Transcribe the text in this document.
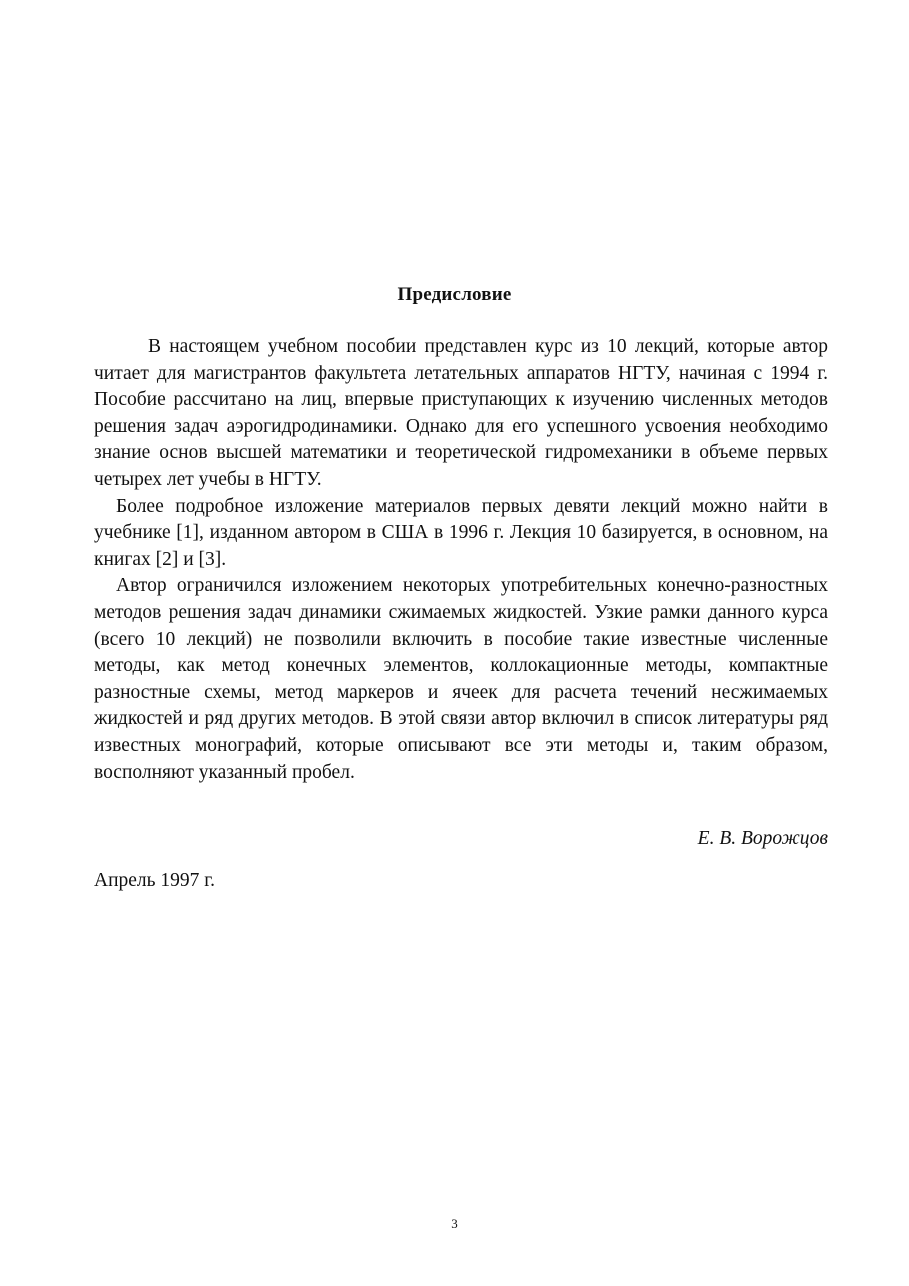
Предисловие

В настоящем учебном пособии представлен курс из 10 лекций, которые автор читает для магистрантов факультета летательных аппаратов НГТУ, начиная с 1994 г. Пособие рассчитано на лиц, впервые приступающих к изучению численных методов решения задач аэрогидродинамики. Однако для его успешного усвоения необходимо знание основ высшей математики и теоретической гидромеханики в объеме первых четырех лет учебы в НГТУ.

Более подробное изложение материалов первых девяти лекций можно найти в учебнике [1], изданном автором в США в 1996 г. Лекция 10 базируется, в основном, на книгах [2] и [3].

Автор ограничился изложением некоторых употребительных конечно-разностных методов решения задач динамики сжимаемых жидкостей. Узкие рамки данного курса (всего 10 лекций) не позволили включить в пособие такие известные численные методы, как метод конечных элементов, коллокационные методы, компактные разностные схемы, метод маркеров и ячеек для расчета течений несжимаемых жидкостей и ряд других методов. В этой связи автор включил в список литературы ряд известных монографий, которые описывают все эти методы и, таким образом, восполняют указанный пробел.

Е. В. Ворожцов
Апрель 1997 г.
3
